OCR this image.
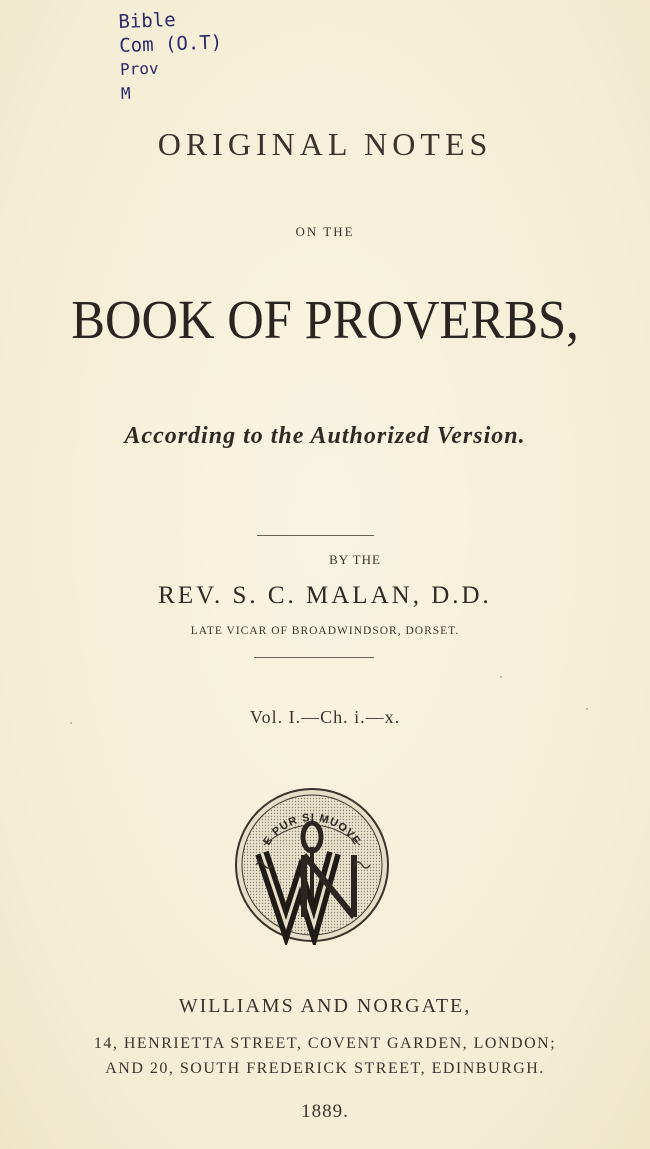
Bible
Com (O.T)
Prov
M
ORIGINAL NOTES
ON THE
BOOK OF PROVERBS,
According to the Authorized Version.
BY THE
REV. S. C. MALAN, D.D.
LATE VICAR OF BROADWINDSOR, DORSET.
Vol. I.—Ch. i.—x.
E PUR SI MUOVE
WILLIAMS AND NORGATE,
14, HENRIETTA STREET, COVENT GARDEN, LONDON;
AND 20, SOUTH FREDERICK STREET, EDINBURGH.
1889.
